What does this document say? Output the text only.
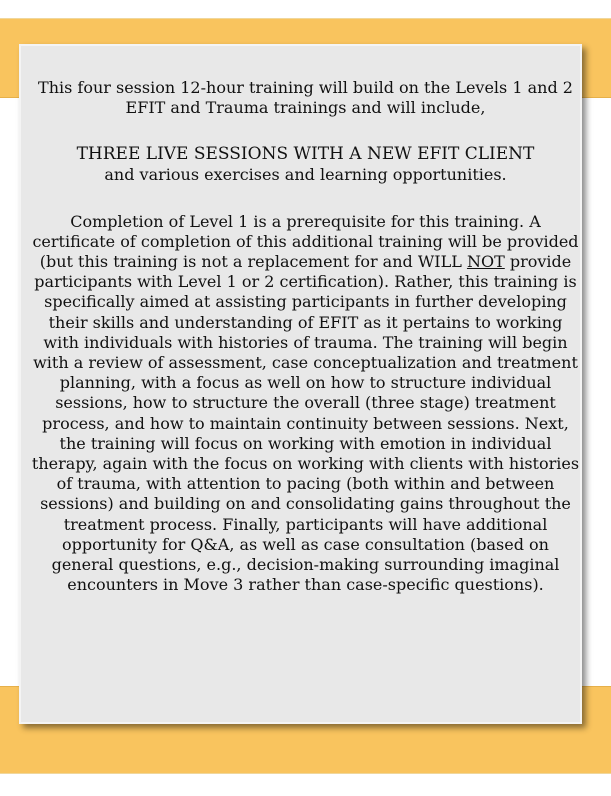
This four session 12-hour training will build on the Levels 1 and 2 EFIT and Trauma trainings and will include,

THREE LIVE SESSIONS WITH A NEW EFIT CLIENT

and various exercises and learning opportunities.

Completion of Level 1 is a prerequisite for this training. A certificate of completion of this additional training will be provided (but this training is not a replacement for and WILL NOT provide participants with Level 1 or 2 certification). Rather, this training is specifically aimed at assisting participants in further developing their skills and understanding of EFIT as it pertains to working with individuals with histories of trauma. The training will begin with a review of assessment, case conceptualization and treatment planning, with a focus as well on how to structure individual sessions, how to structure the overall (three stage) treatment process, and how to maintain continuity between sessions. Next, the training will focus on working with emotion in individual therapy, again with the focus on working with clients with histories of trauma, with attention to pacing (both within and between sessions) and building on and consolidating gains throughout the treatment process. Finally, participants will have additional opportunity for Q&A, as well as case consultation (based on general questions, e.g., decision-making surrounding imaginal encounters in Move 3 rather than case-specific questions).
